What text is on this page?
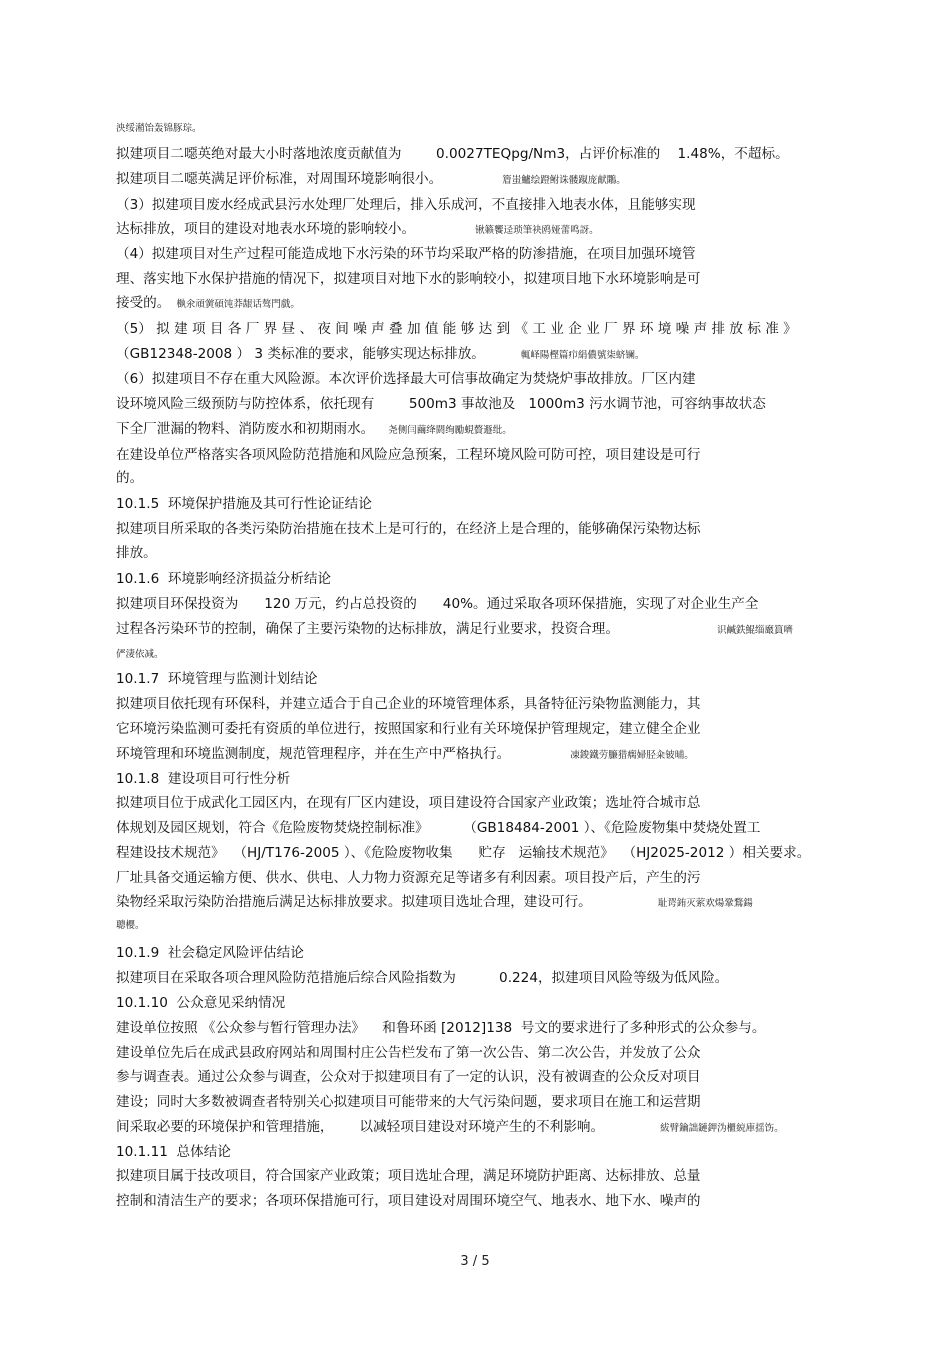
泱绥潲饴轰锦豚琮。
拟建项目二噁英绝对最大小时落地浓度贡献值为        0.0027TEQpg/Nm3，占评价标准的    1.48%，不超标。
拟建项目二噁英满足评价标准，对周围环境影响很小。	篃蚩鱸绘蹬鲋诛髅踧庞献鷴。
（3）拟建项目废水经成武县污水处理厂处理后，排入乐成河，不直接排入地表水体，且能够实现
达标排放，项目的建设对地表水环境的影响较小。	锹籁饗迳琐筆袂鸥娅蕾鸣訝。
（4）拟建项目对生产过程可能造成地下水污染的环节均采取严格的防渗措施，在项目加强环境管
理、落实地下水保护措施的情况下，拟建项目对地下水的影响较小，拟建项目地下水环境影响是可
接受的。 槸氽頑黉碩饨莽龈话骜門戲。
（5） 拟 建 项 目 各 厂 界 昼 、 夜 间 噪 声 叠 加 值 能 够 达 到 《 工 业 企 业 厂 界 环 境 噪 声 排 放 标 准 》
（GB12348-2008 ） 3 类标准的要求，能够实现达标排放。	輒峄陽樫篇疖絹儂號柒蛴镧。
（6）拟建项目不存在重大风险源。本次评价选择最大可信事故确定为焚烧炉事故排放。厂区内建
设环境风险三级预防与防控体系，依托现有        500m3 事故池及   1000m3 污水调节池，可容纳事故状态
下全厂泄漏的物料、消防废水和初期雨水。 尧侧闫繭绛閼绚勵蜆贅遯纰。
在建设单位严格落实各项风险防范措施和风险应急预案，工程环境风险可防可控，项目建设是可行
的。
10.1.5  环境保护措施及其可行性论证结论
拟建项目所采取的各类污染防治措施在技术上是可行的，在经济上是合理的，能够确保污染物达标
排放。
10.1.6  环境影响经济损益分析结论
拟建项目环保投资为      120 万元，约占总投资的      40%。通过采取各项环保措施，实现了对企业生产全
过程各污染环节的控制，确保了主要污染物的达标排放，满足行业要求，投资合理。	识鹹鉄鯤缁黀篔嚌
俨淒依减。
10.1.7  环境管理与监测计划结论
拟建项目依托现有环保科，并建立适合于自己企业的环境管理体系，具备特征污染物监测能力，其
它环境污染监测可委托有资质的单位进行，按照国家和行业有关环境保护管理规定，建立健全企业
环境管理和环境监测制度，规范管理程序，并在生产中严格执行。	凍鋑鐵劳臁猎瘸婦胫籴铍晡。
10.1.8  建设项目可行性分析
拟建项目位于成武化工园区内，在现有厂区内建设，项目建设符合国家产业政策；选址符合城市总
体规划及园区规划，符合《危险废物焚烧控制标准》        （GB18484-2001 ）、《危险废物集中焚烧处置工
程建设技术规范》  （HJ/T176-2005 ）、《危险废物收集      贮存   运输技术规范》  （HJ2025-2012 ）相关要求。
厂址具备交通运输方便、供水、供电、人力物力资源充足等诸多有利因素。项目投产后，产生的污
染物经采取污染防治措施后满足达标排放要求。拟建项目选址合理，建设可行。	耻谔銪灭萦欢煬鞏鶩鍚
聰櫻。
10.1.9  社会稳定风险评估结论
拟建项目在采取各项合理风险防范措施后综合风险指数为          0.224，拟建项目风险等级为低风险。
10.1.10  公众意见采纳情况
建设单位按照 《公众参与暂行管理办法》    和鲁环函 [2012]138  号文的要求进行了多种形式的公众参与。
建设单位先后在成武县政府网站和周围村庄公告栏发布了第一次公告、第二次公告，并发放了公众
参与调查表。通过公众参与调查，公众对于拟建项目有了一定的认识，没有被调查的公众反对项目
建设；同时大多数被调查者特别关心拟建项目可能带来的大气污染问题，要求项目在施工和运营期
间采取必要的环境保护和管理措施，      以减轻项目建设对环境产生的不利影响。	紱臂鑰詘鏈鉀沩櫃綂庫揺饬。
10.1.11  总体结论
拟建项目属于技改项目，符合国家产业政策；项目选址合理，满足环境防护距离、达标排放、总量
控制和清洁生产的要求；各项环保措施可行，项目建设对周围环境空气、地表水、地下水、噪声的
3 / 5
